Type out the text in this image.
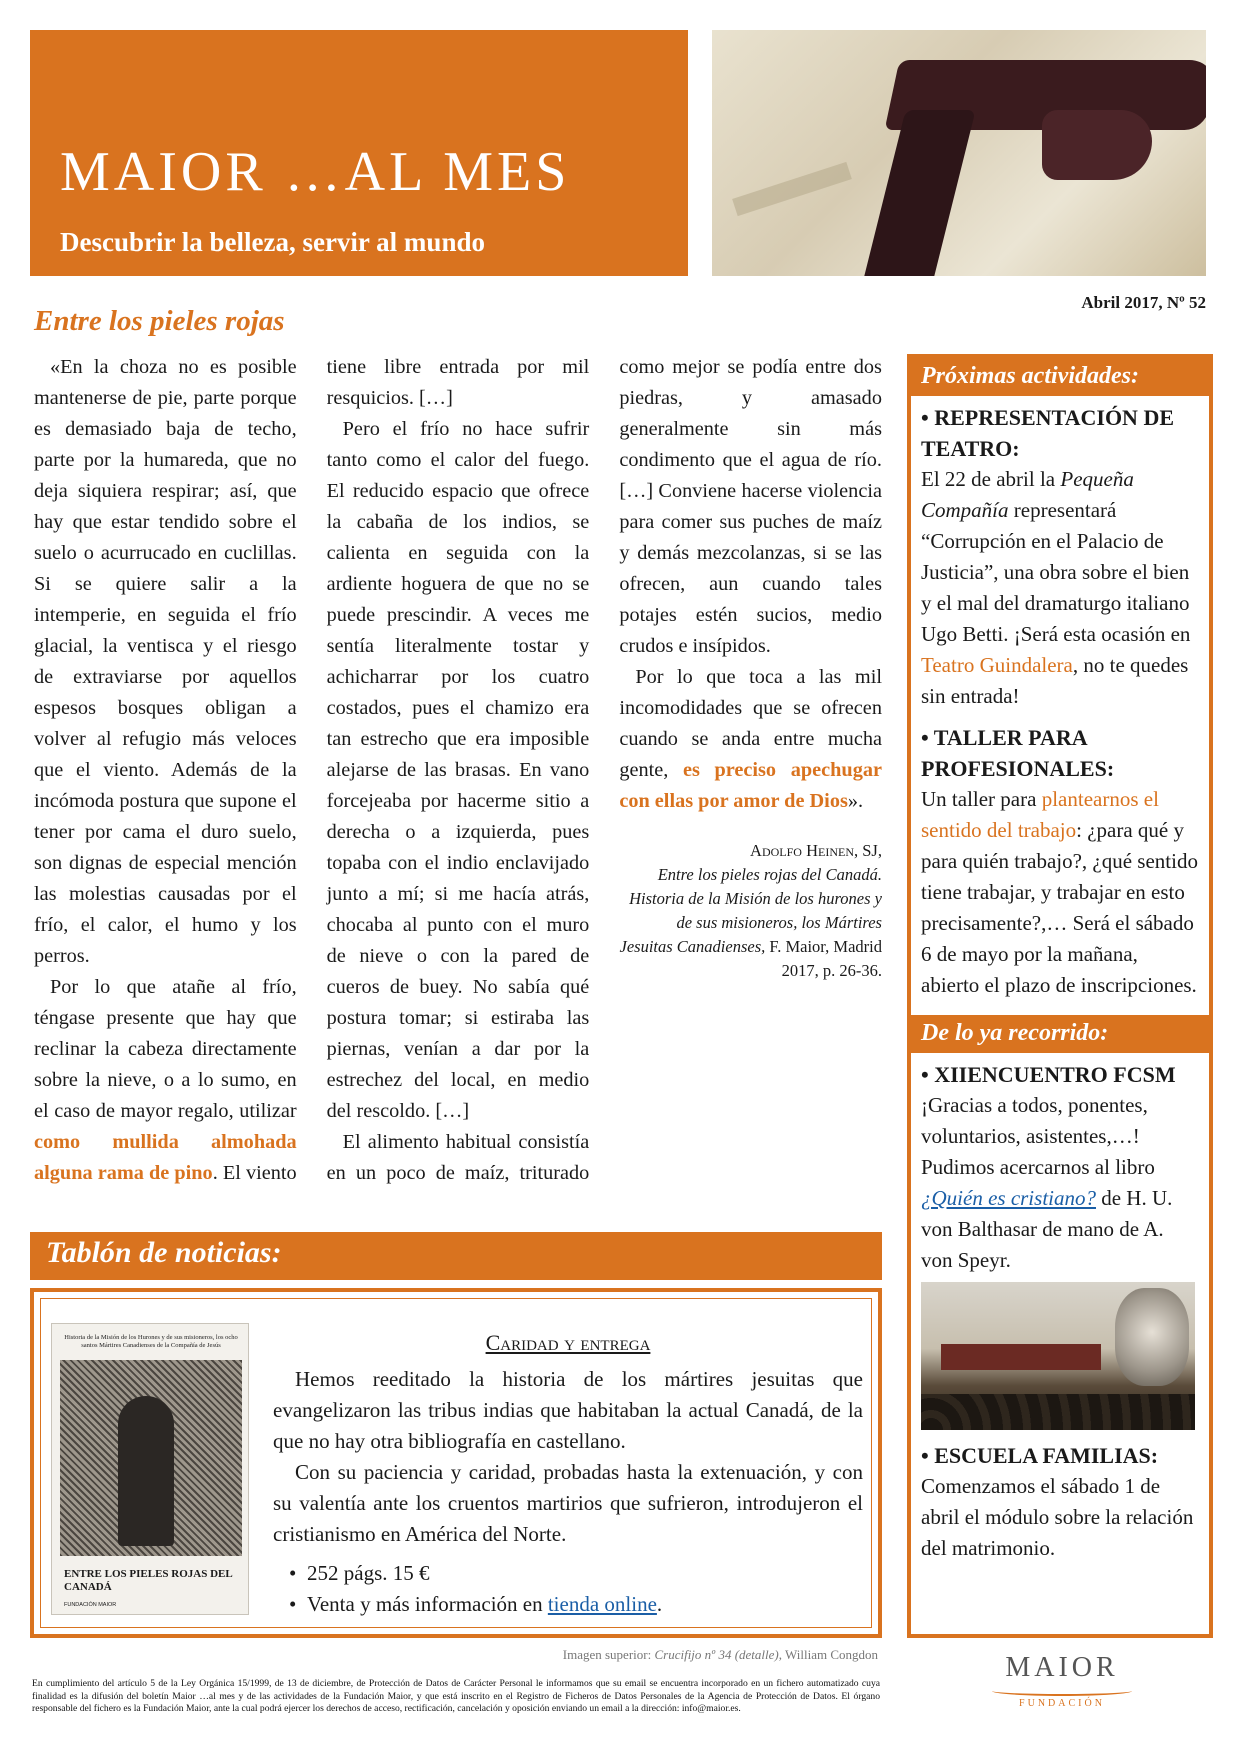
MAIOR …AL MES
Descubrir la belleza, servir al mundo
Abril 2017, Nº 52
Entre los pieles rojas

«En la choza no es posible mantenerse de pie, parte porque es demasiado baja de techo, parte por la humareda, que no deja siquiera respirar; así, que hay que estar tendido sobre el suelo o acurrucado en cuclillas. Si se quiere salir a la intemperie, en seguida el frío glacial, la ventisca y el riesgo de extraviarse por aquellos espesos bosques obligan a volver al refugio más veloces que el viento. Además de la incómoda postura que supone el tener por cama el duro suelo, son dignas de especial mención las molestias causadas por el frío, el calor, el humo y los perros.

Por lo que atañe al frío, téngase presente que hay que reclinar la cabeza directamente sobre la nieve, o a lo sumo, en el caso de mayor regalo, utilizar como mullida almohada alguna rama de pino. El viento tiene libre entrada por mil resquicios. […]

Pero el frío no hace sufrir tanto como el calor del fuego. El reducido espacio que ofrece la cabaña de los indios, se calienta en seguida con la ardiente hoguera de que no se puede prescindir. A veces me sentía literalmente tostar y achicharrar por los cuatro costados, pues el chamizo era tan estrecho que era imposible alejarse de las brasas. En vano forcejeaba por hacerme sitio a derecha o a izquierda, pues topaba con el indio enclavijado junto a mí; si me hacía atrás, chocaba al punto con el muro de nieve o con la pared de cueros de buey. No sabía qué postura tomar; si estiraba las piernas, venían a dar por la estrechez del local, en medio del rescoldo. […]

El alimento habitual consistía en un poco de maíz, triturado como mejor se podía entre dos piedras, y amasado generalmente sin más condimento que el agua de río. […] Conviene hacerse violencia para comer sus puches de maíz y demás mezcolanzas, si se las ofrecen, aun cuando tales potajes estén sucios, medio crudos e insípidos.

Por lo que toca a las mil incomodidades que se ofrecen cuando se anda entre mucha gente, es preciso apechugar con ellas por amor de Dios».

Adolfo Heinen, SJ,
Entre los pieles rojas del Canadá. Historia de la Misión de los hurones y de sus misioneros, los Mártires Jesuitas Canadienses, F. Maior, Madrid 2017, p. 26-36.

Próximas actividades:
• REPRESENTACIÓN DE TEATRO:
El 22 de abril la Pequeña Compañía representará “Corrupción en el Palacio de Justicia”, una obra sobre el bien y el mal del dramaturgo italiano Ugo Betti. ¡Será esta ocasión en Teatro Guindalera, no te quedes sin entrada!
• TALLER PARA PROFESIONALES:
Un taller para plantearnos el sentido del trabajo: ¿para qué y para quién trabajo?, ¿qué sentido tiene trabajar, y trabajar en esto precisamente?,… Será el sábado 6 de mayo por la mañana, abierto el plazo de inscripciones.
De lo ya recorrido:
• XIIENCUENTRO FCSM
¡Gracias a todos, ponentes, voluntarios, asistentes,…! Pudimos acercarnos al libro ¿Quién es cristiano? de H. U. von Balthasar de mano de A. von Speyr.
• ESCUELA FAMILIAS:
Comenzamos el sábado 1 de abril el módulo sobre la relación del matrimonio.
Tablón de noticias:
Historia de la Misión de los Hurones y de sus misioneros, los ocho santos Mártires Canadienses de la Compañía de Jesús
ENTRE LOS PIELES ROJAS DEL CANADÁ
FUNDACIÓN MAIOR
Caridad y entrega

Hemos reeditado la historia de los mártires jesuitas que evangelizaron las tribus indias que habitaban la actual Canadá, de la que no hay otra bibliografía en castellano.

Con su paciencia y caridad, probadas hasta la extenuación, y con su valentía ante los cruentos martirios que sufrieron, introdujeron el cristianismo en América del Norte.

• 252 págs. 15 €
• Venta y más información en tienda online.
Imagen superior: Crucifijo nº 34 (detalle), William Congdon
En cumplimiento del artículo 5 de la Ley Orgánica 15/1999, de 13 de diciembre, de Protección de Datos de Carácter Personal le informamos que su email se encuentra incorporado en un fichero automatizado cuya finalidad es la difusión del boletín Maior …al mes y de las actividades de la Fundación Maior, y que está inscrito en el Registro de Ficheros de Datos Personales de la Agencia de Protección de Datos. El órgano responsable del fichero es la Fundación Maior, ante la cual podrá ejercer los derechos de acceso, rectificación, cancelación y oposición enviando un email a la dirección: info@maior.es.
MAIOR
FUNDACIÓN
